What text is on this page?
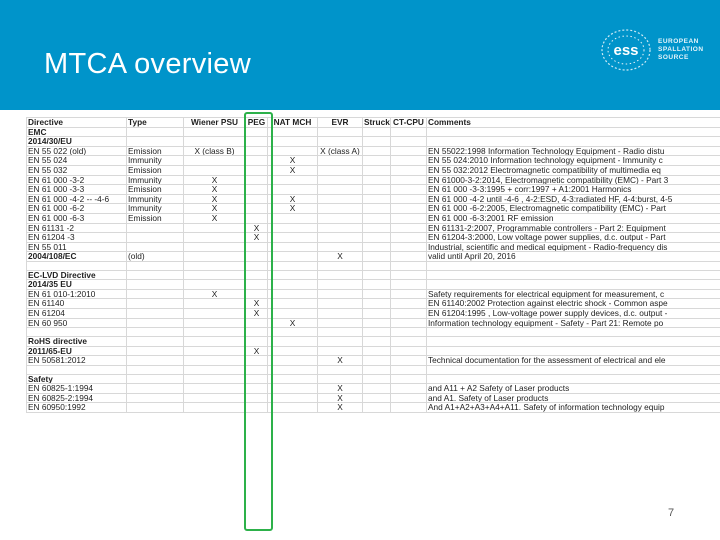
MTCA overview	ess
EUROPEAN
SPALLATION
SOURCE
Directive	Type	Wiener PSU	PEG	NAT MCH	EVR	Struck	CT-CPU	Comments
EMC								
2014/30/EU								
EN 55 022 (old)	Emission	X (class B)			X (class A)			EN 55022:1998 Information Technology Equipment - Radio distu
EN 55 024	Immunity			X				EN 55 024:2010 Information technology equipment - Immunity c
EN 55 032	Emission			X				EN 55 032:2012 Electromagnetic compatibility of multimedia eq
EN 61 000 -3-2	Immunity	X						EN 61000-3-2:2014, Electromagnetic compatibility (EMC) - Part 3
EN 61 000 -3-3	Emission	X						EN 61 000 -3-3:1995 + corr:1997 + A1:2001 Harmonics
EN 61 000 -4-2 -- -4-6	Immunity	X		X				EN 61 000 -4-2 until -4-6 , 4-2:ESD, 4-3:radiated HF, 4-4:burst, 4-5
EN 61 000 -6-2	Immunity	X		X				EN 61 000 -6-2:2005, Electromagnetic compatibility (EMC) - Part
EN 61 000 -6-3	Emission	X						EN 61 000 -6-3:2001 RF emission
EN 61131 -2			X					EN 61131-2:2007, Programmable controllers - Part 2: Equipment
EN 61204 -3			X					EN 61204-3:2000, Low voltage power supplies, d.c. output - Part
EN 55 011								Industrial, scientific and medical equipment - Radio-frequency dis
2004/108/EC	(old)				X			valid until April 20, 2016

EC-LVD Directive								
2014/35 EU								
EN 61 010-1:2010		X						Safety requirements for electrical equipment for measurement, c
EN 61140			X					EN 61140:2002 Protection against electric shock - Common aspe
EN 61204			X					EN 61204:1995 , Low-voltage power supply devices, d.c. output -
EN 60 950				X				Information technology equipment - Safety - Part 21: Remote po

RoHS directive								
2011/65-EU			X					
EN 50581:2012					X			Technical documentation for the assessment of electrical and ele

Safety								
EN 60825-1:1994					X			and A11 + A2 Safety of Laser products
EN 60825-2:1994					X			and A1. Safety of Laser products
EN 60950:1992					X			And A1+A2+A3+A4+A11. Safety of information technology equip
7
